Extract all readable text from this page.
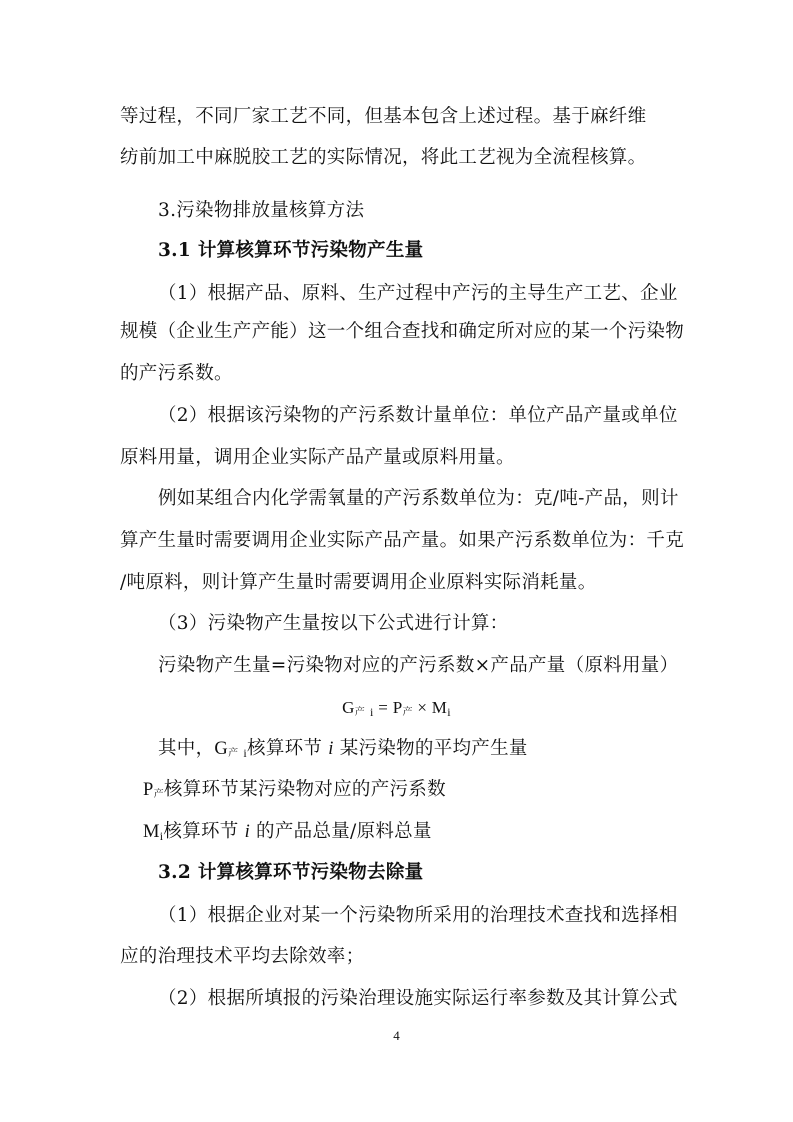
等过程，不同厂家工艺不同，但基本包含上述过程。基于麻纤维
纺前加工中麻脱胶工艺的实际情况，将此工艺视为全流程核算。
3.污染物排放量核算方法
3.1 计算核算环节污染物产生量
（1）根据产品、原料、生产过程中产污的主导生产工艺、企业
规模（企业生产产能）这一个组合查找和确定所对应的某一个污染物
的产污系数。
（2）根据该污染物的产污系数计量单位：单位产品产量或单位
原料用量，调用企业实际产品产量或原料用量。
例如某组合内化学需氧量的产污系数单位为：克/吨-产品，则计
算产生量时需要调用企业实际产品产量。如果产污系数单位为：千克
/吨原料，则计算产生量时需要调用企业原料实际消耗量。
（3）污染物产生量按以下公式进行计算：
污染物产生量=污染物对应的产污系数×产品产量（原料用量）
G产 $_i$ = P产 × $M_i$
其中，G产 $_i$核算环节 i 某污染物的平均产生量
P产核算环节某污染物对应的产污系数
$M_i$核算环节 i 的产品总量/原料总量
3.2 计算核算环节污染物去除量
（1）根据企业对某一个污染物所采用的治理技术查找和选择相
应的治理技术平均去除效率；
（2）根据所填报的污染治理设施实际运行率参数及其计算公式
4
